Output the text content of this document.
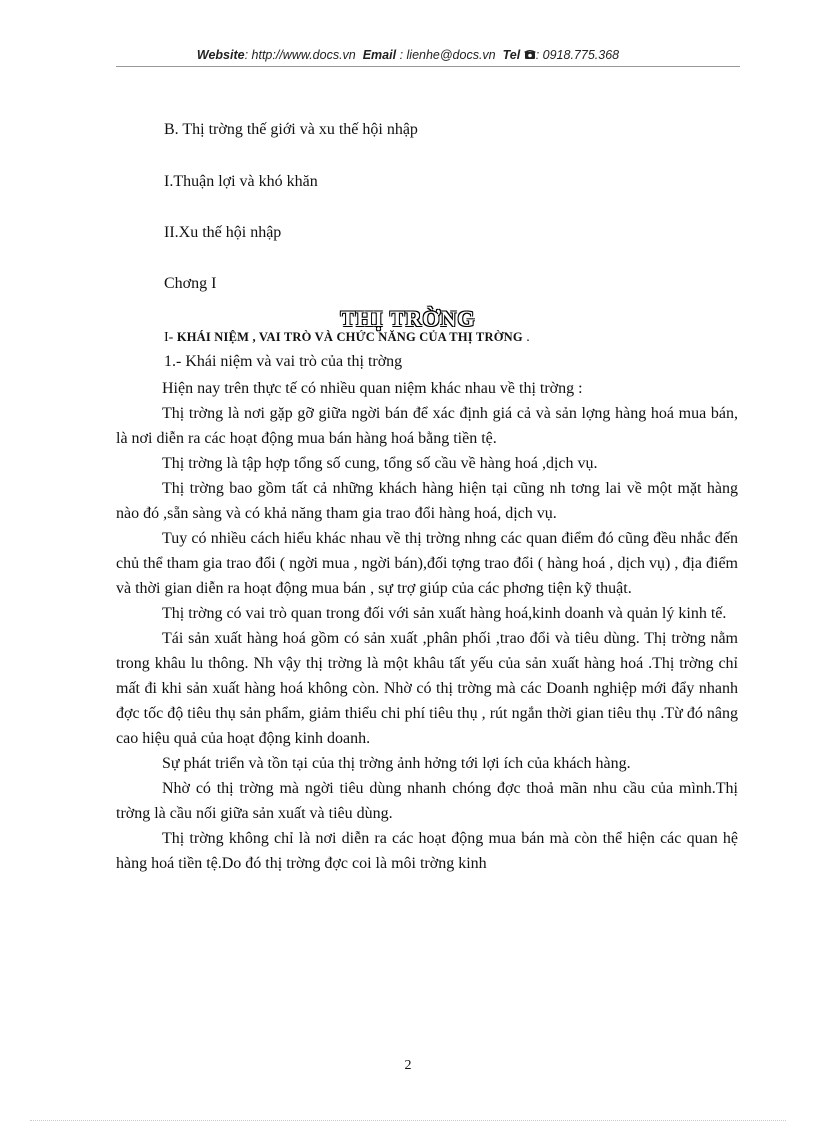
Website: http://www.docs.vn Email : lienhe@docs.vn Tel : 0918.775.368
B. Thị trờng thế giới và xu thế hội nhập
I.Thuận lợi và khó khăn
II.Xu thế hội nhập
Chơng I
THỊ TRỜNG
I- KHÁI NIỆM , VAI TRÒ VÀ CHỨC NĂNG CỦA THỊ TRỜNG .
1.- Khái niệm và vai trò của thị trờng

Hiện nay trên thực tế có nhiều quan niệm khác nhau về thị trờng :

Thị trờng là nơi gặp gỡ giữa ngời bán để xác định giá cả và sản lợng hàng hoá mua bán, là nơi diễn ra các hoạt động mua bán hàng hoá bằng tiền tệ.

Thị trờng là tập hợp tổng số cung, tổng số cầu về hàng hoá ,dịch vụ.

Thị trờng bao gồm tất cả những khách hàng hiện tại cũng nh tơng lai về một mặt hàng nào đó ,sẵn sàng và có khả năng tham gia trao đổi hàng hoá, dịch vụ.

Tuy có nhiều cách hiểu khác nhau về thị trờng nhng các quan điểm đó cũng đều nhắc đến chủ thể tham gia trao đổi ( ngời mua , ngời bán),đối tợng trao đổi ( hàng hoá , dịch vụ) , địa điểm và thời gian diễn ra hoạt động mua bán , sự trợ giúp của các phơng tiện kỹ thuật.

Thị trờng có vai trò quan trong đối với sản xuất hàng hoá,kinh doanh và quản lý kinh tế.

Tái sản xuất hàng hoá gồm có sản xuất ,phân phối ,trao đổi và tiêu dùng. Thị trờng nằm trong khâu lu thông. Nh vậy thị trờng là một khâu tất yếu của sản xuất hàng hoá .Thị trờng chỉ mất đi khi sản xuất hàng hoá không còn. Nhờ có thị trờng mà các Doanh nghiệp mới đẩy nhanh đợc tốc độ tiêu thụ sản phẩm, giảm thiểu chi phí tiêu thụ , rút ngắn thời gian tiêu thụ .Từ đó nâng cao hiệu quả của hoạt động kinh doanh.

Sự phát triển và tồn tại của thị trờng ảnh hởng tới lợi ích của khách hàng.

Nhờ có thị trờng mà ngời tiêu dùng nhanh chóng đợc thoả mãn nhu cầu của mình.Thị trờng là cầu nối giữa sản xuất và tiêu dùng.

Thị trờng không chỉ là nơi diễn ra các hoạt động mua bán mà còn thể hiện các quan hệ hàng hoá tiền tệ.Do đó thị trờng đợc coi là môi trờng kinh

2
